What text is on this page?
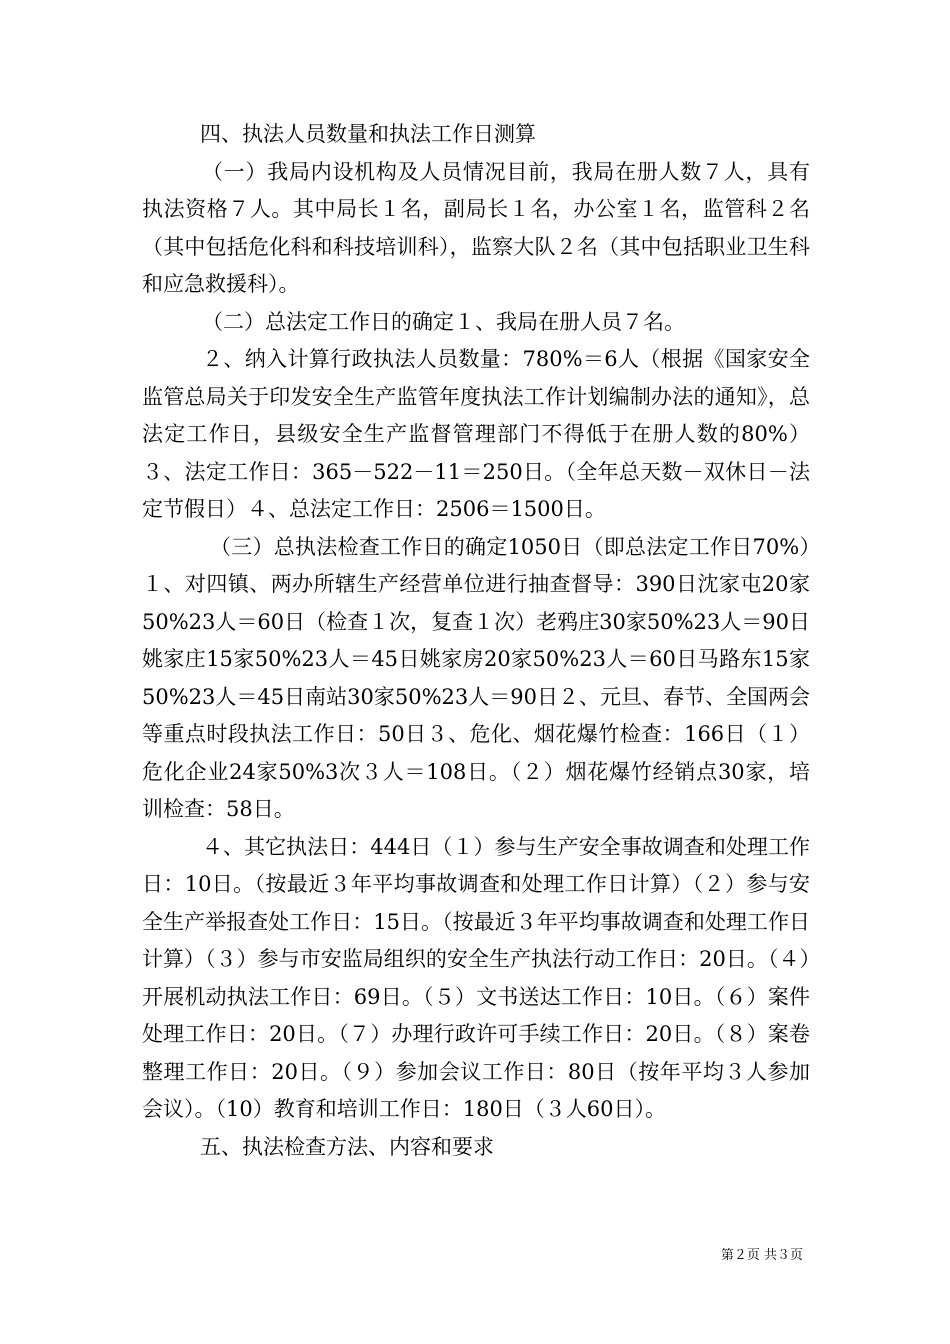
四、执法人员数量和执法工作日测算

（一）我局内设机构及人员情况目前，我局在册人数７人，具有执法资格７人。其中局长１名，副局长１名，办公室１名，监管科２名（其中包括危化科和科技培训科），监察大队２名（其中包括职业卫生科和应急救援科）。

（二）总法定工作日的确定１、我局在册人员７名。

２、纳入计算行政执法人员数量：780%＝6人（根据《国家安全监管总局关于印发安全生产监管年度执法工作计划编制办法的通知》，总法定工作日，县级安全生产监督管理部门不得低于在册人数的80%）３、法定工作日：365－522－11＝250日。（全年总天数－双休日－法定节假日）４、总法定工作日：2506＝1500日。

（三）总执法检查工作日的确定1050日（即总法定工作日70%）１、对四镇、两办所辖生产经营单位进行抽查督导：390日沈家屯20家50%23人＝60日（检查１次，复查１次）老鸦庄30家50%23人＝90日姚家庄15家50%23人＝45日姚家房20家50%23人＝60日马路东15家50%23人＝45日南站30家50%23人＝90日２、元旦、春节、全国两会等重点时段执法工作日：50日３、危化、烟花爆竹检查：166日（１）危化企业24家50%3次３人＝108日。（２）烟花爆竹经销点30家，培训检查：58日。

４、其它执法日：444日（１）参与生产安全事故调查和处理工作日：10日。（按最近３年平均事故调查和处理工作日计算）（２）参与安全生产举报查处工作日：15日。（按最近３年平均事故调查和处理工作日计算）（３）参与市安监局组织的安全生产执法行动工作日：20日。（４）开展机动执法工作日：69日。（５）文书送达工作日：10日。（６）案件处理工作日：20日。（７）办理行政许可手续工作日：20日。（８）案卷整理工作日：20日。（９）参加会议工作日：80日（按年平均３人参加会议）。（10）教育和培训工作日：180日（３人60日）。

五、执法检查方法、内容和要求

第２页 共３页
